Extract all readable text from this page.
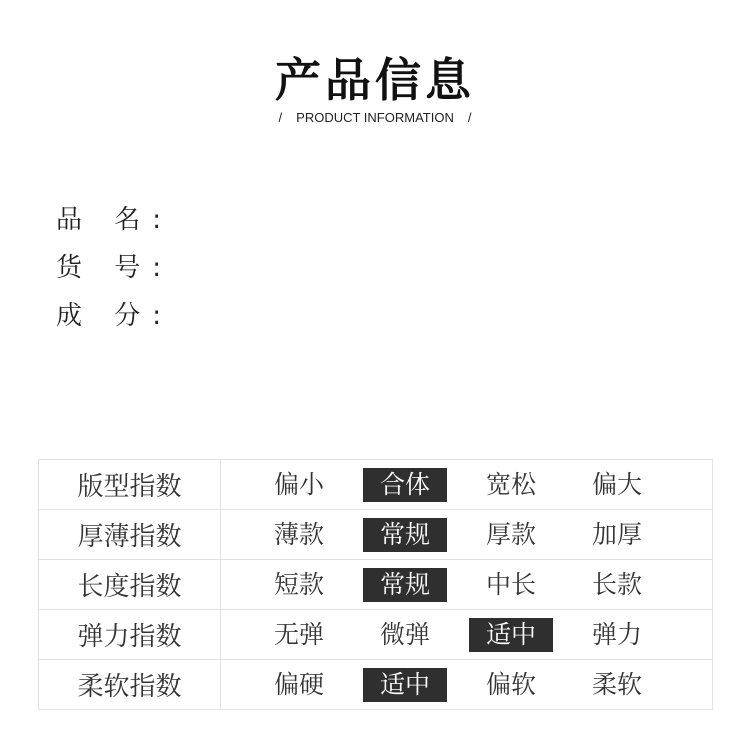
产品信息
/ PRODUCT INFORMATION /
品 名:
货 号:
成 分:
版型指数	偏小 合体 宽松 偏大

厚薄指数	薄款 常规 厚款 加厚

长度指数	短款 常规 中长 长款

弹力指数	无弹 微弹 适中 弹力

柔软指数	偏硬 适中 偏软 柔软
